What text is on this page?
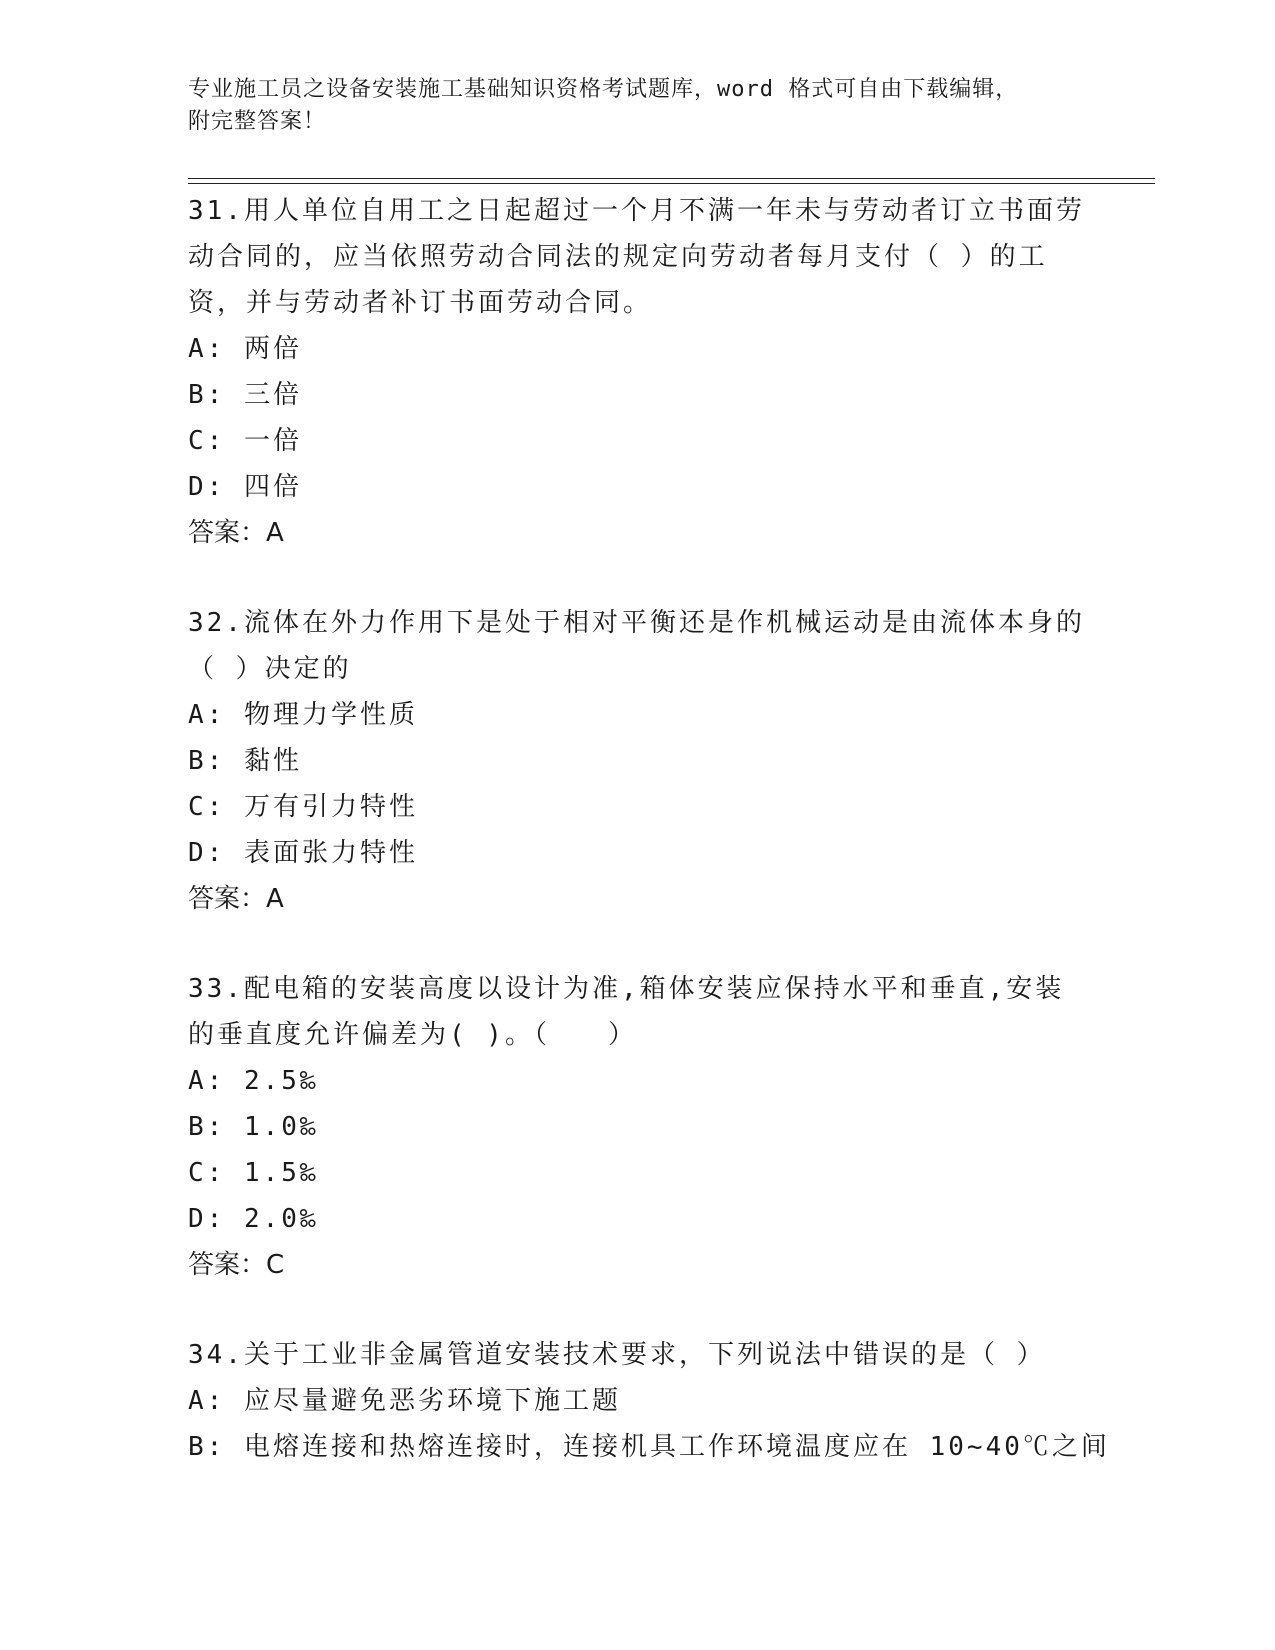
专业施工员之设备安装施工基础知识资格考试题库，word 格式可自由下载编辑，
附完整答案！

31.用人单位自用工之日起超过一个月不满一年未与劳动者订立书面劳动合同的，应当依照劳动合同法的规定向劳动者每月支付（ ）的工资，并与劳动者补订书面劳动合同。

A: 两倍

B: 三倍

C: 一倍

D: 四倍

答案：A

32.流体在外力作用下是处于相对平衡还是作机械运动是由流体本身的（ ）决定的

A: 物理力学性质

B: 黏性

C: 万有引力特性

D: 表面张力特性

答案：A

33.配电箱的安装高度以设计为准,箱体安装应保持水平和垂直,安装的垂直度允许偏差为( )。（　　）

A: 2.5‰

B: 1.0‰

C: 1.5‰

D: 2.0‰

答案：C

34.关于工业非金属管道安装技术要求，下列说法中错误的是（ ）

A: 应尽量避免恶劣环境下施工题

B: 电熔连接和热熔连接时，连接机具工作环境温度应在 10~40℃之间
